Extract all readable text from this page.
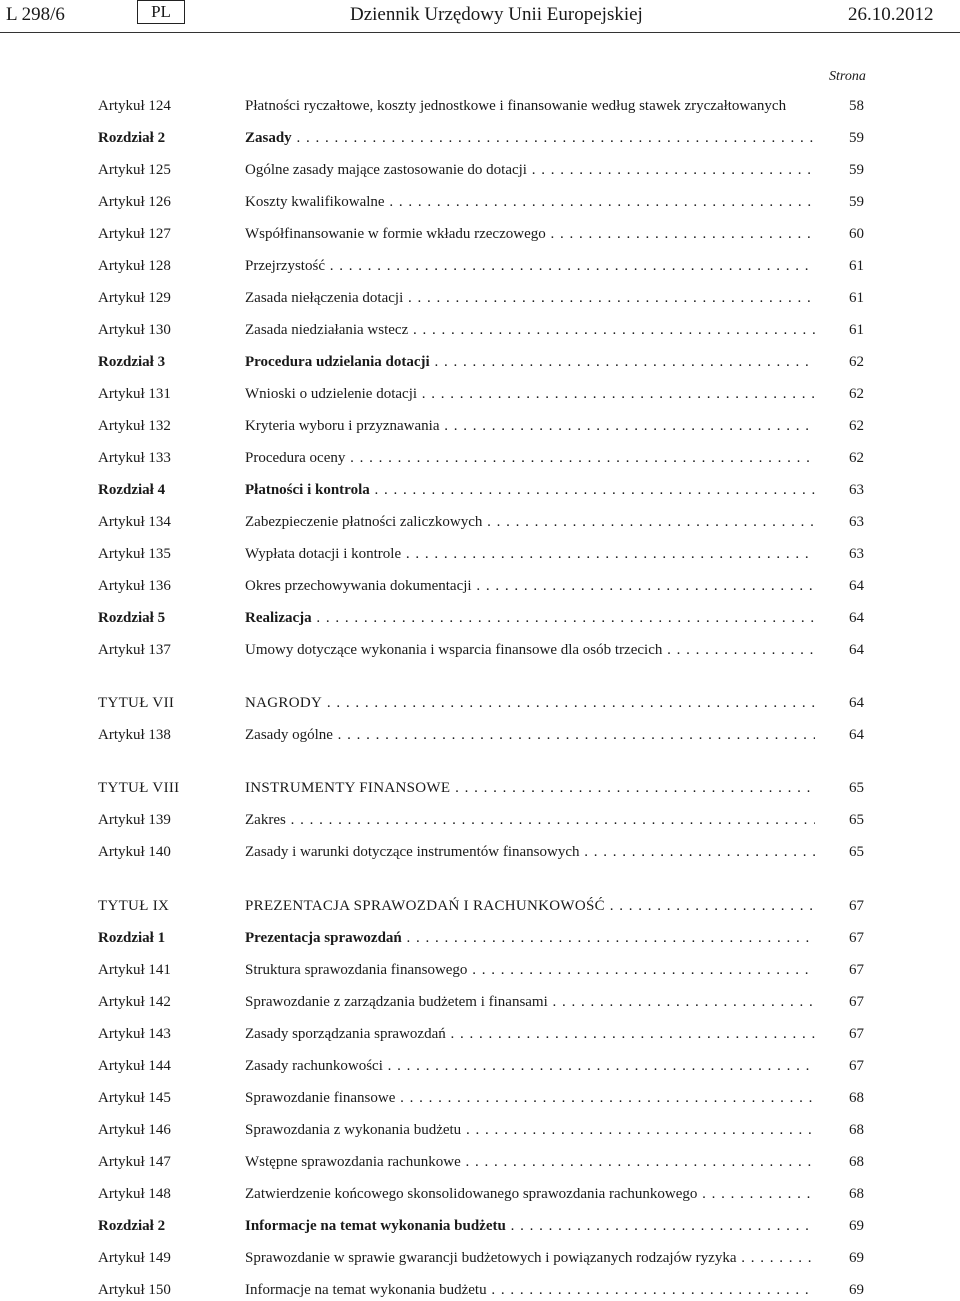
L 298/6	PL	Dziennik Urzędowy Unii Europejskiej	26.10.2012
Strona
Artykuł 124	Płatności ryczałtowe, koszty jednostkowe i finansowanie według stawek zryczałtowanych	58
Rozdział 2	Zasady . . .	59
Artykuł 125	Ogólne zasady mające zastosowanie do dotacji . . .	59
Artykuł 126	Koszty kwalifikowalne . . .	59
Artykuł 127	Współfinansowanie w formie wkładu rzeczowego . . .	60
Artykuł 128	Przejrzystość . . .	61
Artykuł 129	Zasada niełączenia dotacji . . .	61
Artykuł 130	Zasada niedziałania wstecz . . .	61
Rozdział 3	Procedura udzielania dotacji . . .	62
Artykuł 131	Wnioski o udzielenie dotacji . . .	62
Artykuł 132	Kryteria wyboru i przyznawania . . .	62
Artykuł 133	Procedura oceny . . .	62
Rozdział 4	Płatności i kontrola . . .	63
Artykuł 134	Zabezpieczenie płatności zaliczkowych . . .	63
Artykuł 135	Wypłata dotacji i kontrole . . .	63
Artykuł 136	Okres przechowywania dokumentacji . . .	64
Rozdział 5	Realizacja . . .	64
Artykuł 137	Umowy dotyczące wykonania i wsparcia finansowe dla osób trzecich . . .	64
TYTUŁ VII	NAGRODY . . .	64
Artykuł 138	Zasady ogólne . . .	64
TYTUŁ VIII	INSTRUMENTY FINANSOWE . . .	65
Artykuł 139	Zakres . . .	65
Artykuł 140	Zasady i warunki dotyczące instrumentów finansowych . . .	65
TYTUŁ IX	PREZENTACJA SPRAWOZDAŃ I RACHUNKOWOŚĆ . . .	67
Rozdział 1	Prezentacja sprawozdań . . .	67
Artykuł 141	Struktura sprawozdania finansowego . . .	67
Artykuł 142	Sprawozdanie z zarządzania budżetem i finansami . . .	67
Artykuł 143	Zasady sporządzania sprawozdań . . .	67
Artykuł 144	Zasady rachunkowości . . .	67
Artykuł 145	Sprawozdanie finansowe . . .	68
Artykuł 146	Sprawozdania z wykonania budżetu . . .	68
Artykuł 147	Wstępne sprawozdania rachunkowe . . .	68
Artykuł 148	Zatwierdzenie końcowego skonsolidowanego sprawozdania rachunkowego . . .	68
Rozdział 2	Informacje na temat wykonania budżetu . . .	69
Artykuł 149	Sprawozdanie w sprawie gwarancji budżetowych i powiązanych rodzajów ryzyka . . .	69
Artykuł 150	Informacje na temat wykonania budżetu . . .	69
